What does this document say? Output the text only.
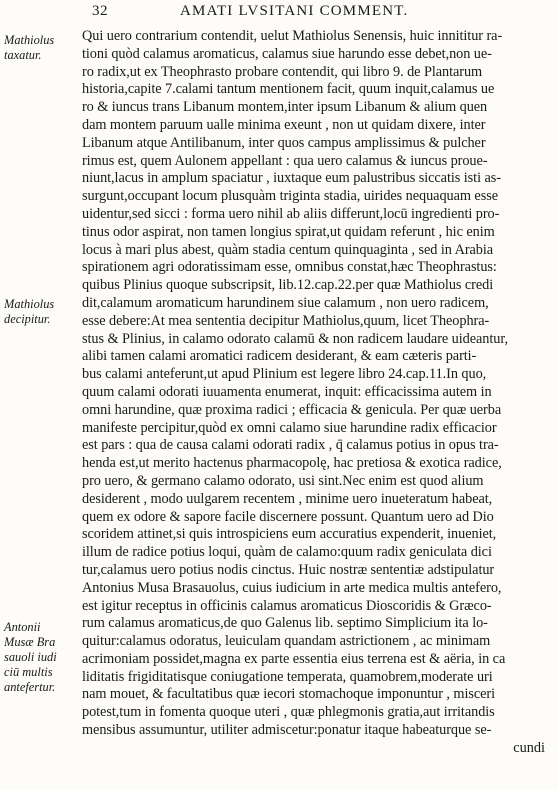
32	AMATI LVSITANI COMMENT.
Mathiolus
taxatur.
Mathiolus
decipitur.
Antonii
Musæ Bra
sauoli iudi
ciū multis
antefertur.
Qui uero contrarium contendit, uelut Mathiolus Senensis, huic innititur ra-
tioni quòd calamus aromaticus, calamus siue harundo esse debet,non ue-
ro radix,ut ex Theophrasto probare contendit, qui libro 9. de Plantarum
historia,capite 7.calami tantum mentionem facit, quum inquit,calamus ue
ro & iuncus trans Libanum montem,inter ipsum Libanum & alium quen
dam montem paruum ualle minima exeunt , non ut quidam dixere, inter
Libanum atque Antilibanum, inter quos campus amplissimus & pulcher
rimus est, quem Aulonem appellant : qua uero calamus & iuncus proue-
niunt,lacus in amplum spaciatur , iuxtaque eum palustribus siccatis isti as-
surgunt,occupant locum plusquàm triginta stadia, uirides nequaquam esse
uidentur,sed sicci : forma uero nihil ab aliis differunt,locū ingredienti pro-
tinus odor aspirat, non tamen longius spirat,ut quidam referunt , hic enim
locus à mari plus abest, quàm stadia centum quinquaginta , sed in Arabia
spirationem agri odoratissimam esse, omnibus constat,hæc Theophrastus:
quibus Plinius quoque subscripsit, lib.12.cap.22.per quæ Mathiolus credi
dit,calamum aromaticum harundinem siue calamum , non uero radicem,
esse debere:At mea sententia decipitur Mathiolus,quum, licet Theophra-
stus & Plinius, in calamo odorato calamū & non radicem laudare uideantur,
alibi tamen calami aromatici radicem desiderant, & eam cæteris parti-
bus calami anteferunt,ut apud Plinium est legere libro 24.cap.11.In quo,
quum calami odorati iuuamenta enumerat, inquit: efficacissima autem in
omni harundine, quæ proxima radici ; efficacia & genicula. Per quæ uerba
manifeste percipitur,quòd ex omni calamo siue harundine radix efficacior
est pars : qua de causa calami odorati radix , q̄ calamus potius in opus tra-
henda est,ut merito hactenus pharmacopolę, hac pretiosa & exotica radice,
pro uero, & germano calamo odorato, usi sint.Nec enim est quod alium
desiderent , modo uulgarem recentem , minime uero inueteratum habeat,
quem ex odore & sapore facile discernere possunt. Quantum uero ad Dio
scoridem attinet,si quis introspiciens eum accuratius expenderit, inueniet,
illum de radice potius loqui, quàm de calamo:quum radix geniculata dici
tur,calamus uero potius nodis cinctus. Huic nostræ sententiæ adstipulatur
Antonius Musa Brasauolus, cuius iudicium in arte medica multis antefero,
est igitur receptus in officinis calamus aromaticus Dioscoridis & Græco-
rum calamus aromaticus,de quo Galenus lib. septimo Simplicium ita lo-
quitur:calamus odoratus, leuiculam quandam astrictionem , ac minimam
acrimoniam possidet,magna ex parte essentia eius terrena est & aëria, in ca
liditatis frigiditatisque coniugatione temperata, quamobrem,moderate uri
nam mouet, & facultatibus quæ iecori stomachoque imponuntur , misceri
potest,tum in fomenta quoque uteri , quæ phlegmonis gratia,aut irritandis
mensibus assumuntur, utiliter admiscetur:ponatur itaque habeaturque se-
cundi
